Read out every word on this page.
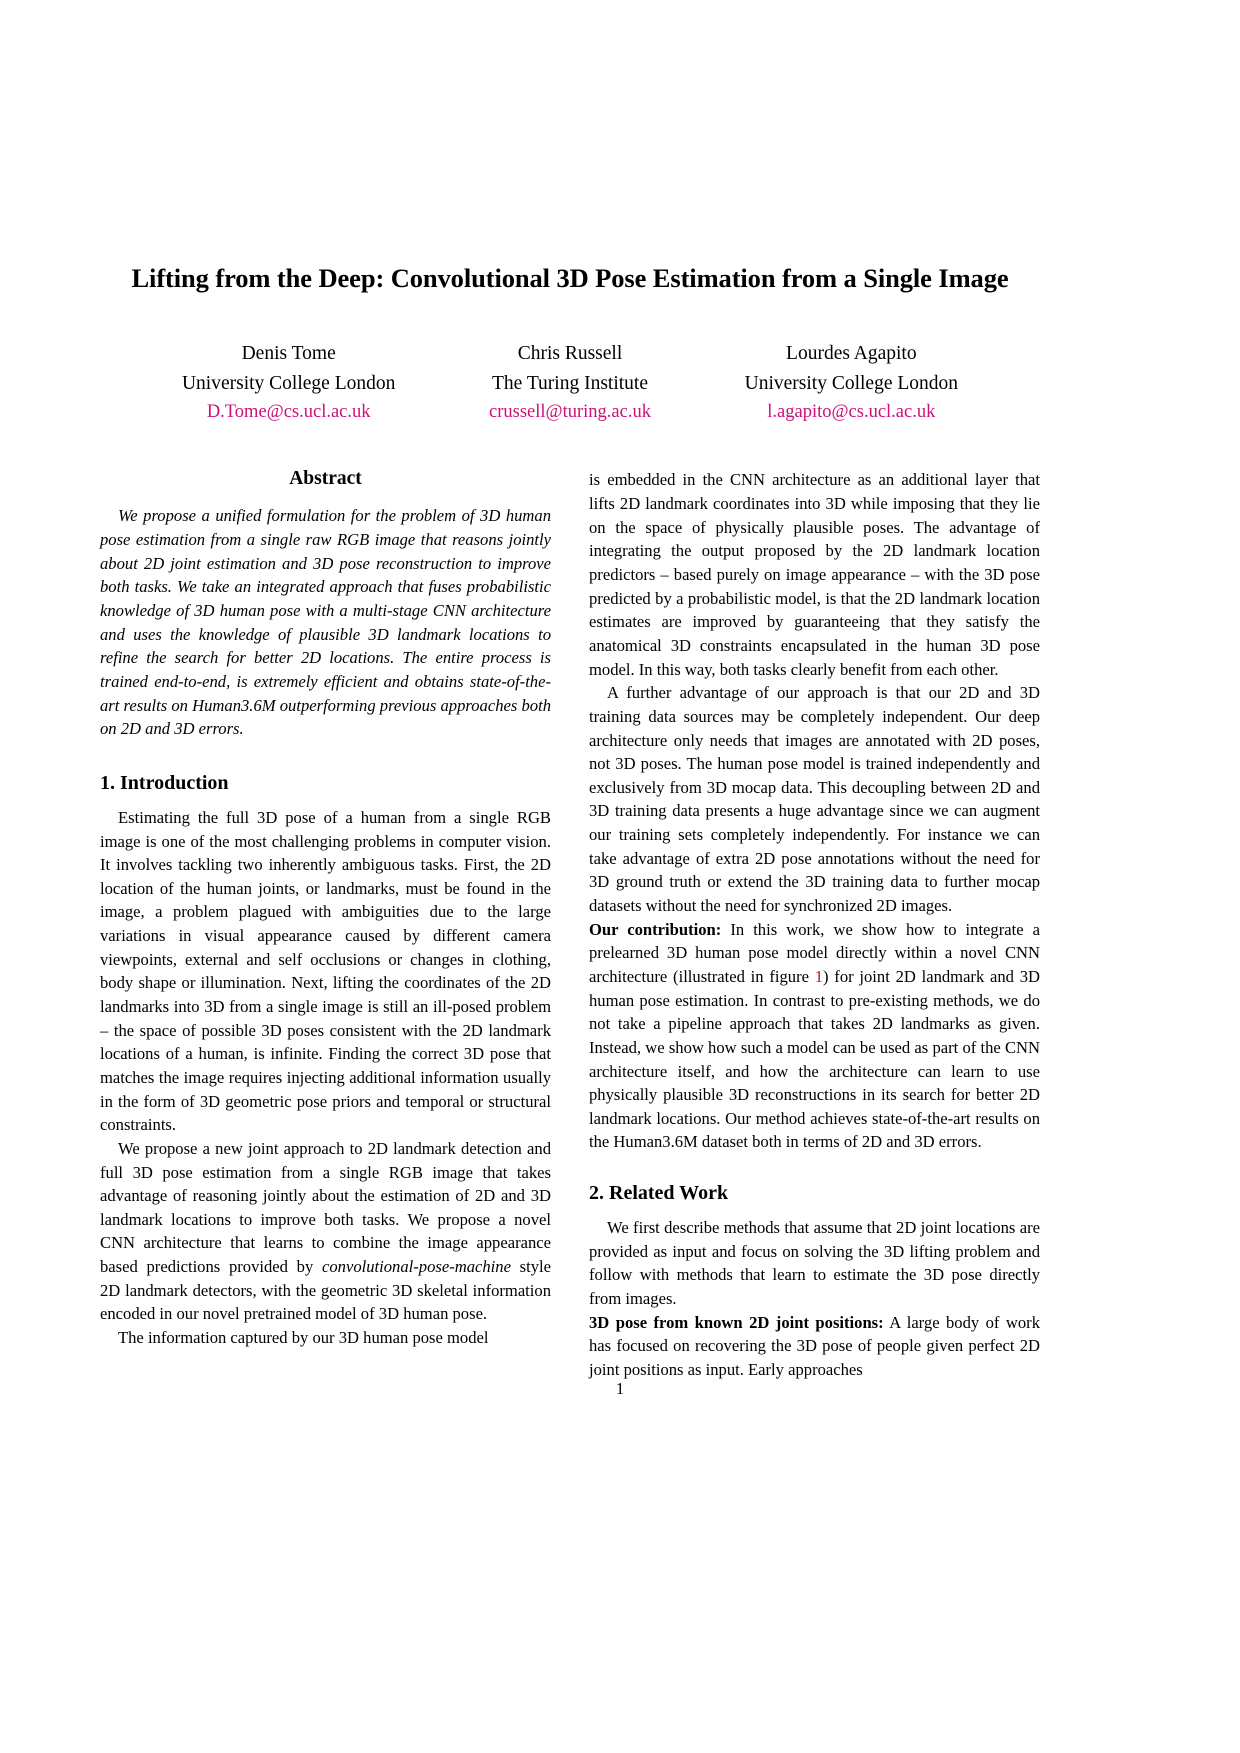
Lifting from the Deep: Convolutional 3D Pose Estimation from a Single Image
Denis Tome
University College London
D.Tome@cs.ucl.ac.uk
Chris Russell
The Turing Institute
crussell@turing.ac.uk
Lourdes Agapito
University College London
l.agapito@cs.ucl.ac.uk
Abstract

We propose a unified formulation for the problem of 3D human pose estimation from a single raw RGB image that reasons jointly about 2D joint estimation and 3D pose reconstruction to improve both tasks. We take an integrated approach that fuses probabilistic knowledge of 3D human pose with a multi-stage CNN architecture and uses the knowledge of plausible 3D landmark locations to refine the search for better 2D locations. The entire process is trained end-to-end, is extremely efficient and obtains state-of-the-art results on Human3.6M outperforming previous approaches both on 2D and 3D errors.

1. Introduction

Estimating the full 3D pose of a human from a single RGB image is one of the most challenging problems in computer vision. It involves tackling two inherently ambiguous tasks. First, the 2D location of the human joints, or landmarks, must be found in the image, a problem plagued with ambiguities due to the large variations in visual appearance caused by different camera viewpoints, external and self occlusions or changes in clothing, body shape or illumination. Next, lifting the coordinates of the 2D landmarks into 3D from a single image is still an ill-posed problem – the space of possible 3D poses consistent with the 2D landmark locations of a human, is infinite. Finding the correct 3D pose that matches the image requires injecting additional information usually in the form of 3D geometric pose priors and temporal or structural constraints.

We propose a new joint approach to 2D landmark detection and full 3D pose estimation from a single RGB image that takes advantage of reasoning jointly about the estimation of 2D and 3D landmark locations to improve both tasks. We propose a novel CNN architecture that learns to combine the image appearance based predictions provided by convolutional-pose-machine style 2D landmark detectors, with the geometric 3D skeletal information encoded in our novel pretrained model of 3D human pose.

The information captured by our 3D human pose model

is embedded in the CNN architecture as an additional layer that lifts 2D landmark coordinates into 3D while imposing that they lie on the space of physically plausible poses. The advantage of integrating the output proposed by the 2D landmark location predictors – based purely on image appearance – with the 3D pose predicted by a probabilistic model, is that the 2D landmark location estimates are improved by guaranteeing that they satisfy the anatomical 3D constraints encapsulated in the human 3D pose model. In this way, both tasks clearly benefit from each other.

A further advantage of our approach is that our 2D and 3D training data sources may be completely independent. Our deep architecture only needs that images are annotated with 2D poses, not 3D poses. The human pose model is trained independently and exclusively from 3D mocap data. This decoupling between 2D and 3D training data presents a huge advantage since we can augment our training sets completely independently. For instance we can take advantage of extra 2D pose annotations without the need for 3D ground truth or extend the 3D training data to further mocap datasets without the need for synchronized 2D images.

Our contribution: In this work, we show how to integrate a prelearned 3D human pose model directly within a novel CNN architecture (illustrated in figure 1) for joint 2D landmark and 3D human pose estimation. In contrast to pre-existing methods, we do not take a pipeline approach that takes 2D landmarks as given. Instead, we show how such a model can be used as part of the CNN architecture itself, and how the architecture can learn to use physically plausible 3D reconstructions in its search for better 2D landmark locations. Our method achieves state-of-the-art results on the Human3.6M dataset both in terms of 2D and 3D errors.

2. Related Work

We first describe methods that assume that 2D joint locations are provided as input and focus on solving the 3D lifting problem and follow with methods that learn to estimate the 3D pose directly from images.

3D pose from known 2D joint positions: A large body of work has focused on recovering the 3D pose of people given perfect 2D joint positions as input. Early approaches

1
